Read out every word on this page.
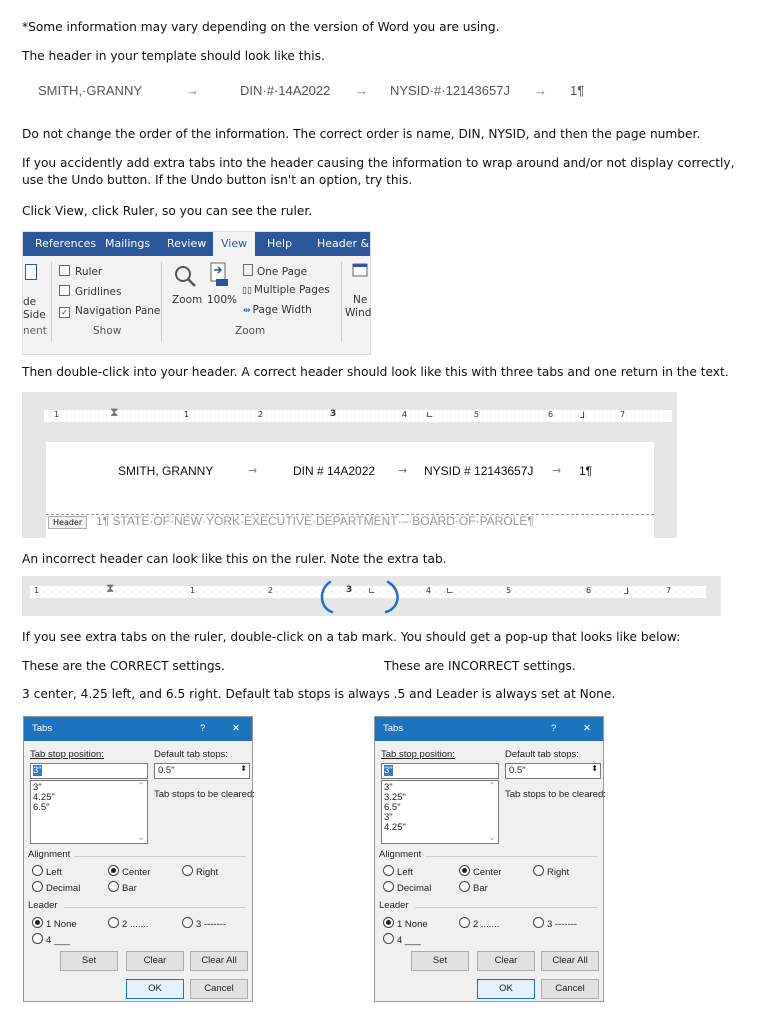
*Some information may vary depending on the version of Word you are using.
The header in your template should look like this.
SMITH,·GRANNY	→	DIN·#·14A2022 → NYSID·#·12143657J → 1¶
Do not change the order of the information. The correct order is name, DIN, NYSID, and then the page number.
If you accidently add extra tabs into the header causing the information to wrap around and/or not display correctly, use the Undo button. If the Undo button isn't an option, try this.
Click View, click Ruler, so you can see the ruler.
References Mailings Review	View	Help Header & F
de
Side
nent
Ruler
Gridlines
✓ Navigation Pane
Show
Zoom 100%
One Page
▯▯ Multiple Pages
⇹ Page Width
Zoom
Ne
Wind
Then double-click into your header. A correct header should look like this with three tabs and one return in the text.
1	⧗	1	2	3	4 ∟	5	6	⅃	7
SMITH, GRANNY	→	DIN # 14A2022 → NYSID # 12143657J → 1¶
Header	1¶ STATE·OF·NEW·YORK·EXECUTIVE·DEPARTMENT·–·BOARD·OF·PAROLE¶
An incorrect header can look like this on the ruler. Note the extra tab.
1	⧗	1	2	3 ∟	4 ∟	5	6	⅃	7
If you see extra tabs on the ruler, double-click on a tab mark. You should get a pop-up that looks like below:
These are the CORRECT settings.	These are INCORRECT settings.
3 center, 4.25 left, and 6.5 right. Default tab stops is always .5 and Leader is always set at None.
Tabs	?	✕
Tab stop position:	Default tab stops:
3"	0.5"	⬍
3"
4.25"
6.5"
⌃
⌄
Tab stops to be cleared:
Alignment
Left	Center	Right
Decimal	Bar
Leader
1 None	2 .......	3 -------
4 ___
Set	Clear	Clear All
OK	Cancel
Tabs	?	✕
Tab stop position:	Default tab stops:
3"	0.5"	⬍
3"
3.25"
6.5"
3"
4.25"
⌃
⌄
Tab stops to be cleared:
Alignment
Left	Center	Right
Decimal	Bar
Leader
1 None	2 .......	3 -------
4 ___
Set	Clear	Clear All
OK	Cancel
